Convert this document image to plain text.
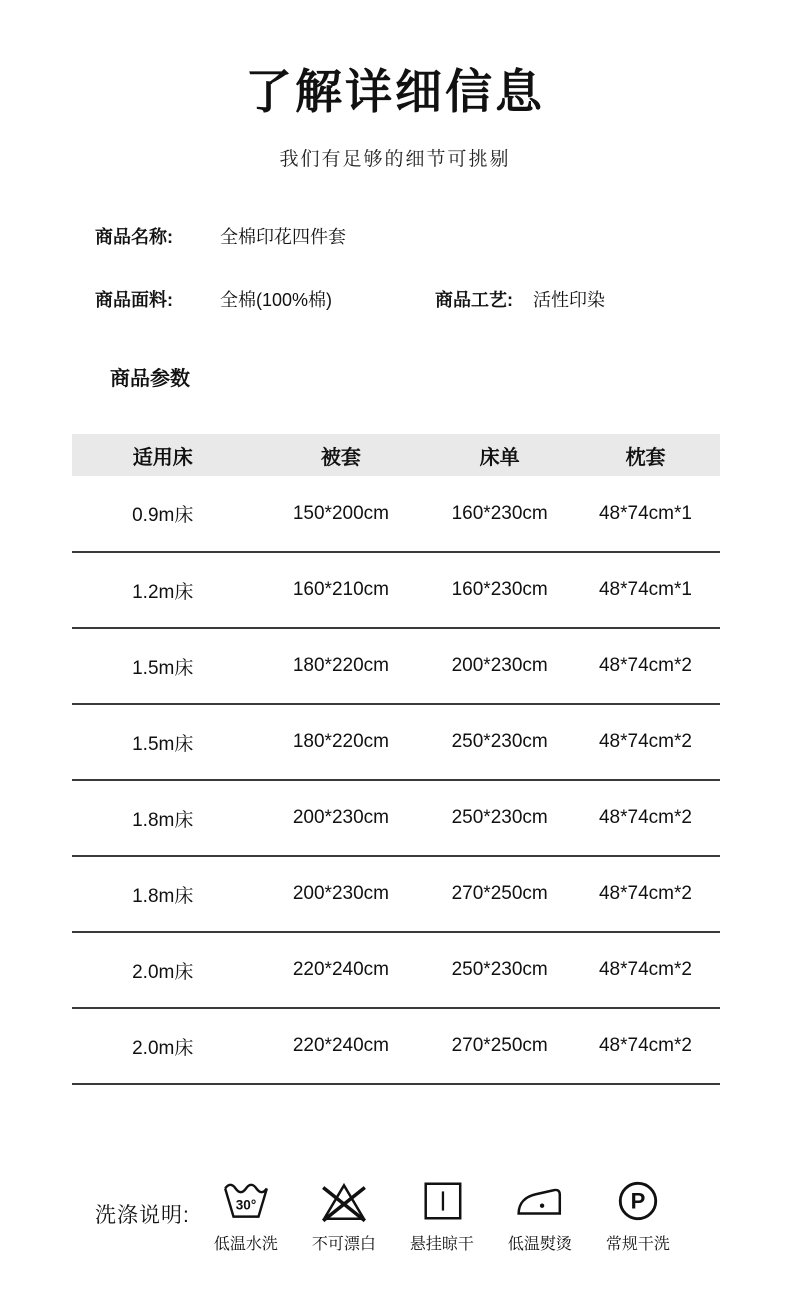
了解详细信息
我们有足够的细节可挑剔
商品名称:	全棉印花四件套
商品面料:	全棉(100%棉)	商品工艺:	活性印染
商品参数
适用床	被套	床单	枕套
0.9m床	150*200cm	160*230cm	48*74cm*1
1.2m床	160*210cm	160*230cm	48*74cm*1
1.5m床	180*220cm	200*230cm	48*74cm*2
1.5m床	180*220cm	250*230cm	48*74cm*2
1.8m床	200*230cm	250*230cm	48*74cm*2
1.8m床	200*230cm	270*250cm	48*74cm*2
2.0m床	220*240cm	250*230cm	48*74cm*2
2.0m床	220*240cm	270*250cm	48*74cm*2
洗涤说明:	30°
低温水洗 不可漂白 悬挂晾干 低温熨烫
P
常规干洗
